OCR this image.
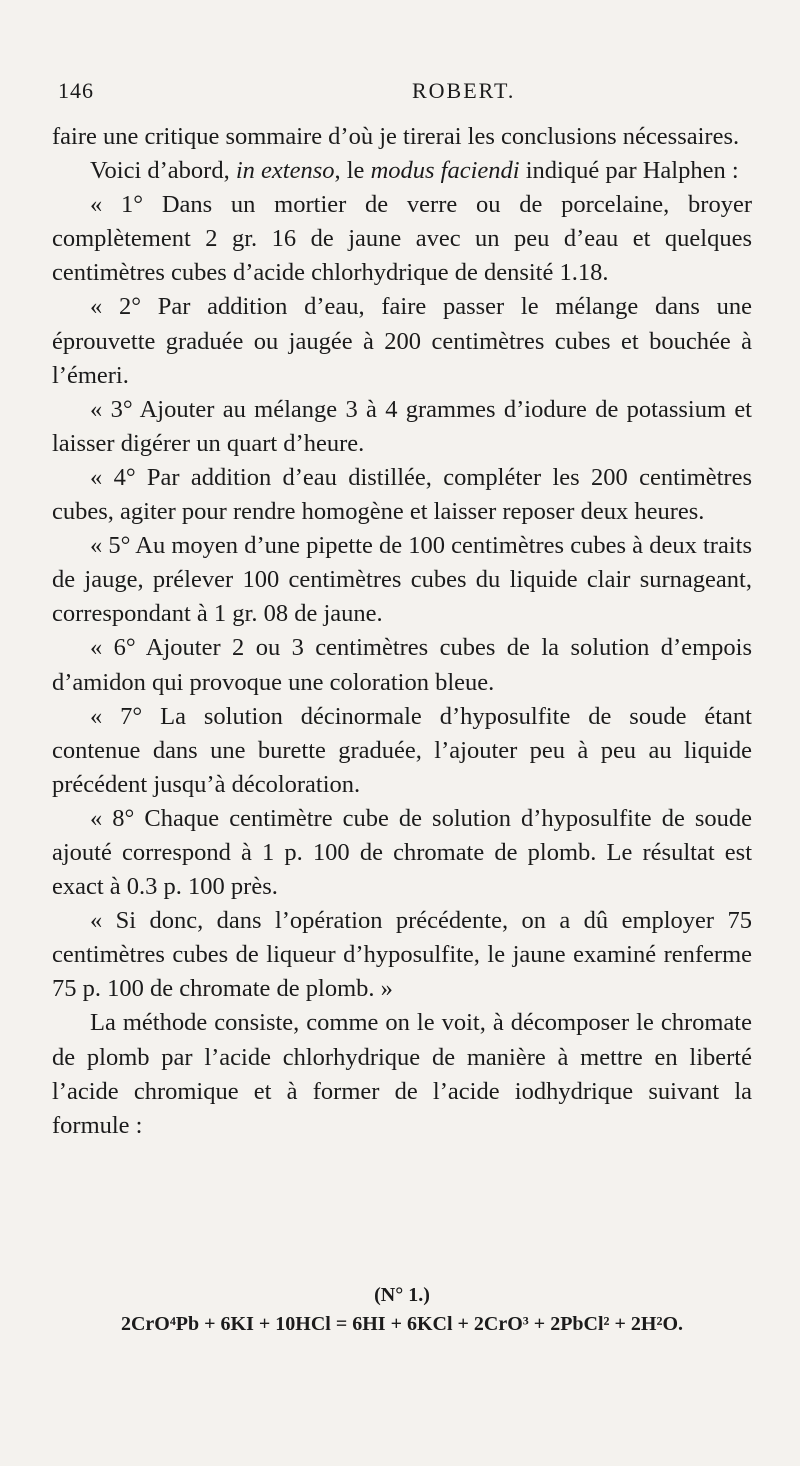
146	ROBERT.

faire une critique sommaire d’où je tirerai les conclusions nécessaires.

Voici d’abord, in extenso, le modus faciendi indiqué par Halphen :

« 1° Dans un mortier de verre ou de porcelaine, broyer complètement 2 gr. 16 de jaune avec un peu d’eau et quelques centimètres cubes d’acide chlorhydrique de densité 1.18.

« 2° Par addition d’eau, faire passer le mélange dans une éprouvette graduée ou jaugée à 200 centimètres cubes et bouchée à l’émeri.

« 3° Ajouter au mélange 3 à 4 grammes d’iodure de potassium et laisser digérer un quart d’heure.

« 4° Par addition d’eau distillée, compléter les 200 centimètres cubes, agiter pour rendre homogène et laisser reposer deux heures.

« 5° Au moyen d’une pipette de 100 centimètres cubes à deux traits de jauge, prélever 100 centimètres cubes du liquide clair surnageant, correspondant à 1 gr. 08 de jaune.

« 6° Ajouter 2 ou 3 centimètres cubes de la solution d’empois d’amidon qui provoque une coloration bleue.

« 7° La solution décinormale d’hyposulfite de soude étant contenue dans une burette graduée, l’ajouter peu à peu au liquide précédent jusqu’à décoloration.

« 8° Chaque centimètre cube de solution d’hyposulfite de soude ajouté correspond à 1 p. 100 de chromate de plomb. Le résultat est exact à 0.3 p. 100 près.

« Si donc, dans l’opération précédente, on a dû employer 75 centimètres cubes de liqueur d’hyposulfite, le jaune examiné renferme 75 p. 100 de chromate de plomb. »

La méthode consiste, comme on le voit, à décomposer le chromate de plomb par l’acide chlorhydrique de manière à mettre en liberté l’acide chromique et à former de l’acide iodhydrique suivant la formule :

(N° 1.)
2CrO⁴Pb + 6KI + 10HCl = 6HI + 6KCl + 2CrO³ + 2PbCl² + 2H²O.
